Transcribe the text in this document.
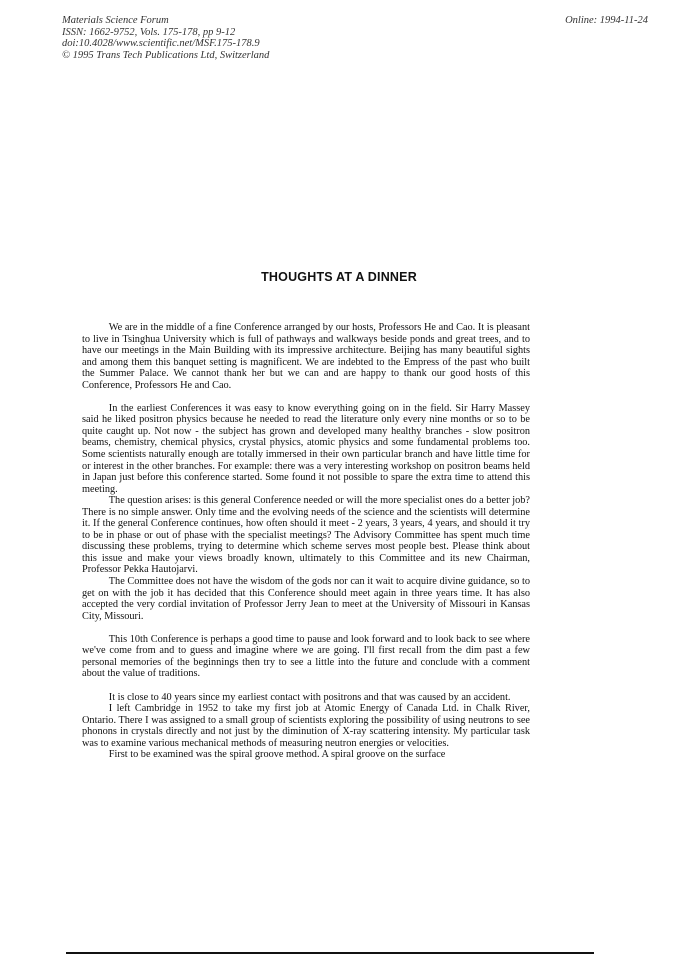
Materials Science Forum
ISSN: 1662-9752, Vols. 175-178, pp 9-12
doi:10.4028/www.scientific.net/MSF.175-178.9
© 1995 Trans Tech Publications Ltd, Switzerland
Online: 1994-11-24
THOUGHTS AT A DINNER

We are in the middle of a fine Conference arranged by our hosts, Professors He and Cao. It is pleasant to live in Tsinghua University which is full of pathways and walkways beside ponds and great trees, and to have our meetings in the Main Building with its impressive architecture. Beijing has many beautiful sights and among them this banquet setting is magnificent. We are indebted to the Empress of the past who built the Summer Palace. We cannot thank her but we can and are happy to thank our good hosts of this Conference, Professors He and Cao.

In the earliest Conferences it was easy to know everything going on in the field. Sir Harry Massey said he liked positron physics because he needed to read the literature only every nine months or so to be quite caught up. Not now - the subject has grown and developed many healthy branches - slow positron beams, chemistry, chemical physics, crystal physics, atomic physics and some fundamental problems too. Some scientists naturally enough are totally immersed in their own particular branch and have little time for or interest in the other branches. For example: there was a very interesting workshop on positron beams held in Japan just before this conference started. Some found it not possible to spare the extra time to attend this meeting.

The question arises: is this general Conference needed or will the more specialist ones do a better job? There is no simple answer. Only time and the evolving needs of the science and the scientists will determine it. If the general Conference continues, how often should it meet - 2 years, 3 years, 4 years, and should it try to be in phase or out of phase with the specialist meetings? The Advisory Committee has spent much time discussing these problems, trying to determine which scheme serves most people best. Please think about this issue and make your views broadly known, ultimately to this Committee and its new Chairman, Professor Pekka Hautojarvi.

The Committee does not have the wisdom of the gods nor can it wait to acquire divine guidance, so to get on with the job it has decided that this Conference should meet again in three years time. It has also accepted the very cordial invitation of Professor Jerry Jean to meet at the University of Missouri in Kansas City, Missouri.

This 10th Conference is perhaps a good time to pause and look forward and to look back to see where we've come from and to guess and imagine where we are going. I'll first recall from the dim past a few personal memories of the beginnings then try to see a little into the future and conclude with a comment about the value of traditions.

It is close to 40 years since my earliest contact with positrons and that was caused by an accident.

I left Cambridge in 1952 to take my first job at Atomic Energy of Canada Ltd. in Chalk River, Ontario. There I was assigned to a small group of scientists exploring the possibility of using neutrons to see phonons in crystals directly and not just by the diminution of X-ray scattering intensity. My particular task was to examine various mechanical methods of measuring neutron energies or velocities.

First to be examined was the spiral groove method. A spiral groove on the surface
